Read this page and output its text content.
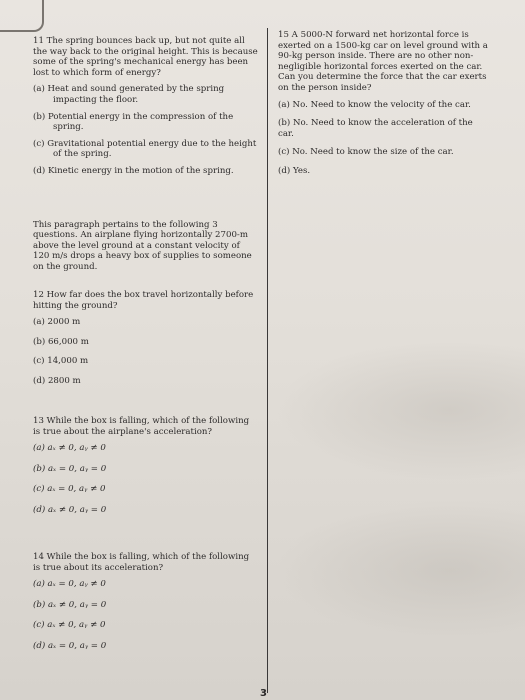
11 The spring bounces back up, but not quite all the way back to the original height. This is because some of the spring's mechanical energy has been lost to which form of energy?

(a) Heat and sound generated by the spring impacting the floor.

(b) Potential energy in the compression of the spring.

(c) Gravitational potential energy due to the height of the spring.

(d) Kinetic energy in the motion of the spring.

This paragraph pertains to the following 3 questions. An airplane flying horizontally 2700-m above the level ground at a constant velocity of 120 m/s drops a heavy box of supplies to someone on the ground.

12 How far does the box travel horizontally before hitting the ground?

(a) 2000 m

(b) 66,000 m

(c) 14,000 m

(d) 2800 m

13 While the box is falling, which of the following is true about the airplane's acceleration?

(a) aₓ ≠ 0, aᵧ ≠ 0

(b) aₓ = 0, aᵧ = 0

(c) aₓ = 0, aᵧ ≠ 0

(d) aₓ ≠ 0, aᵧ = 0

14 While the box is falling, which of the following is true about its acceleration?

(a) aₓ = 0, aᵧ ≠ 0

(b) aₓ ≠ 0, aᵧ = 0

(c) aₓ ≠ 0, aᵧ ≠ 0

(d) aₓ = 0, aᵧ = 0

15 A 5000-N forward net horizontal force is exerted on a 1500-kg car on level ground with a 90-kg person inside. There are no other non-negligible horizontal forces exerted on the car. Can you determine the force that the car exerts on the person inside?

(a) No. Need to know the velocity of the car.

(b) No. Need to know the acceleration of the car.

(c) No. Need to know the size of the car.

(d) Yes.

3
